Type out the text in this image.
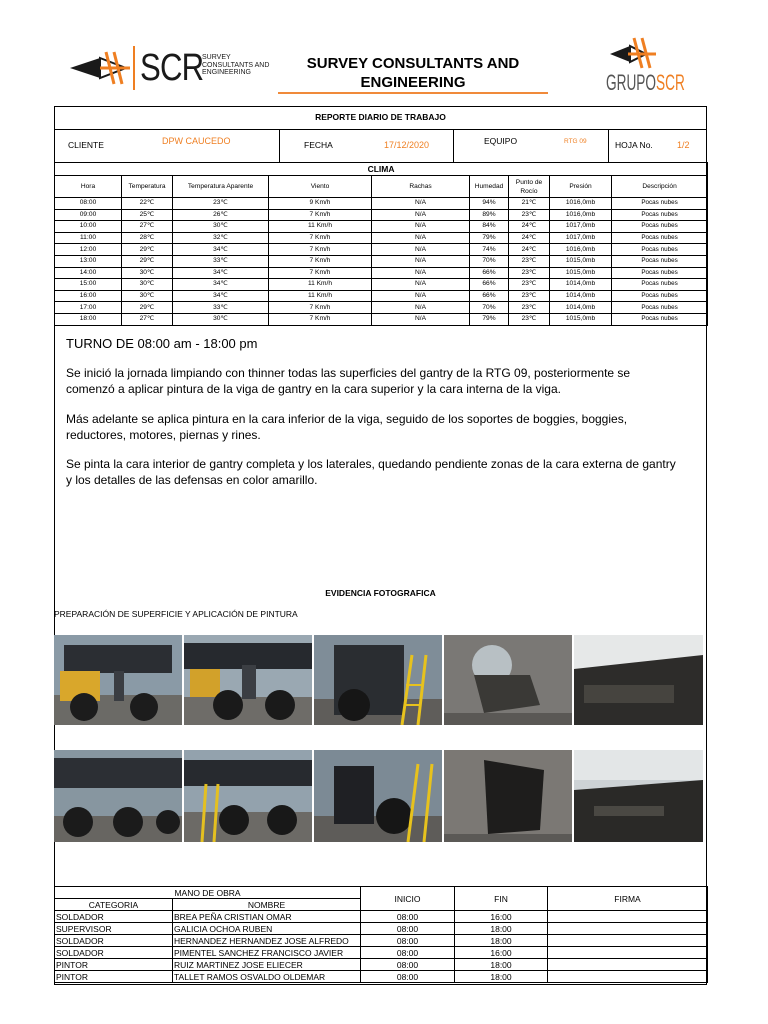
SCR
SURVEY
CONSULTANTS AND
ENGINEERING
SURVEY CONSULTANTS AND
ENGINEERING	GRUPOSCR
REPORTE DIARIO DE TRABAJO
CLIENTE	DPW CAUCEDO	FECHA	17/12/2020	EQUIPO	RTG 09	HOJA No.	1/2
CLIMA								
Hora	Temperatura	Temperatura Aparente	Viento	Rachas	Humedad	Punto de Rocío	Presión	Descripción
08:00	22℃	23℃	9 Km/h	N/A	94%	21℃	1016,0mb	Pocas nubes
09:00	25℃	26℃	7 Km/h	N/A	89%	23℃	1016,0mb	Pocas nubes
10:00	27℃	30℃	11 Km/h	N/A	84%	24℃	1017,0mb	Pocas nubes
11:00	28℃	32℃	7 Km/h	N/A	79%	24℃	1017,0mb	Pocas nubes
12:00	29℃	34℃	7 Km/h	N/A	74%	24℃	1016,0mb	Pocas nubes
13:00	29℃	33℃	7 Km/h	N/A	70%	23℃	1015,0mb	Pocas nubes
14:00	30℃	34℃	7 Km/h	N/A	66%	23℃	1015,0mb	Pocas nubes
15:00	30℃	34℃	11 Km/h	N/A	66%	23℃	1014,0mb	Pocas nubes
16:00	30℃	34℃	11 Km/h	N/A	66%	23℃	1014,0mb	Pocas nubes
17:00	29℃	33℃	7 Km/h	N/A	70%	23℃	1014,0mb	Pocas nubes
18:00	27℃	30℃	7 Km/h	N/A	79%	23℃	1015,0mb	Pocas nubes
TURNO DE 08:00 am - 18:00 pm
Se inició la jornada limpiando con thinner todas las superficies del gantry de la RTG 09, posteriormente se comenzó a aplicar pintura de la viga de gantry en la cara superior y la cara interna de la viga.
Más adelante se aplica pintura en la cara inferior de la viga, seguido de los soportes de boggies, boggies, reductores, motores, piernas y rines.
Se pinta la cara interior de gantry completa y los laterales, quedando pendiente zonas de la cara externa de gantry y los detalles de las defensas en color amarillo.
EVIDENCIA FOTOGRAFICA
PREPARACIÓN DE SUPERFICIE Y APLICACIÓN DE PINTURA
MANO DE OBRA		INICIO	FIN	FIRMA
CATEGORIA	NOMBRE			
SOLDADOR	BREA PEÑA CRISTIAN OMAR	08:00	16:00	
SUPERVISOR	GALICIA OCHOA RUBEN	08:00	18:00	
SOLDADOR	HERNANDEZ HERNANDEZ JOSE ALFREDO	08:00	18:00	
SOLDADOR	PIMENTEL SANCHEZ FRANCISCO JAVIER	08:00	16:00	
PINTOR	RUIZ MARTINEZ JOSE ELIECER	08:00	18:00	
PINTOR	TALLET RAMOS OSVALDO OLDEMAR	08:00	18:00	
